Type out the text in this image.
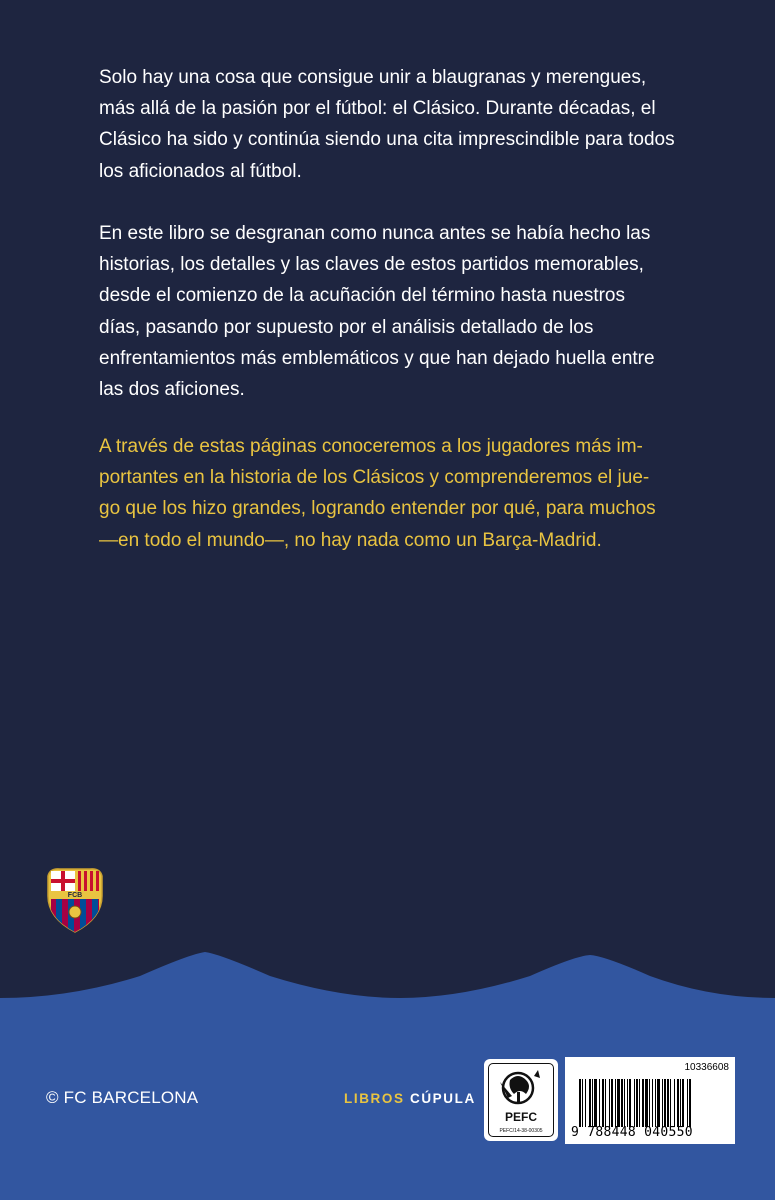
Solo hay una cosa que consigue unir a blaugranas y merengues,
más allá de la pasión por el fútbol: el Clásico. Durante décadas, el
Clásico ha sido y continúa siendo una cita imprescindible para todos
los aficionados al fútbol.
En este libro se desgranan como nunca antes se había hecho las
historias, los detalles y las claves de estos partidos memorables,
desde el comienzo de la acuñación del término hasta nuestros
días, pasando por supuesto por el análisis detallado de los
enfrentamientos más emblemáticos y que han dejado huella entre
las dos aficiones.
A través de estas páginas conoceremos a los jugadores más im-
portantes en la historia de los Clásicos y comprenderemos el jue-
go que los hizo grandes, logrando entender por qué, para muchos
—en todo el mundo—, no hay nada como un Barça-Madrid.
FCB
© FC BARCELONA	LIBROS CÚPULA
PEFC
PEFC/14-38-00305
10336608
9 788448 040550
